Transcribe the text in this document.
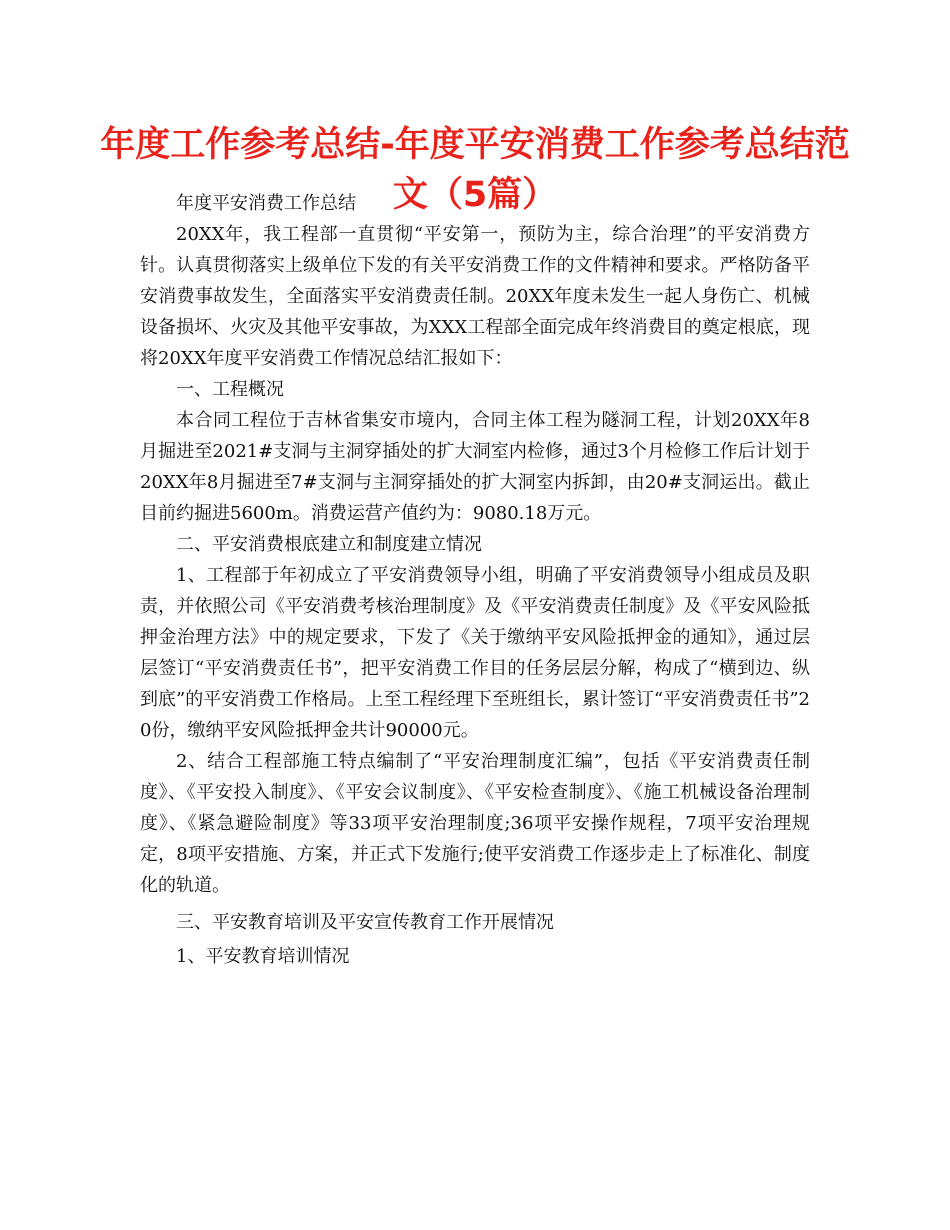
年度工作参考总结-年度平安消费工作参考总结范文（5篇）

年度平安消费工作总结

20XX年，我工程部一直贯彻“平安第一，预防为主，综合治理”的平安消费方针。认真贯彻落实上级单位下发的有关平安消费工作的文件精神和要求。严格防备平安消费事故发生，全面落实平安消费责任制。20XX年度未发生一起人身伤亡、机械设备损坏、火灾及其他平安事故，为XXX工程部全面完成年终消费目的奠定根底，现将20XX年度平安消费工作情况总结汇报如下：

一、工程概况

本合同工程位于吉林省集安市境内，合同主体工程为隧洞工程，计划20XX年8月掘进至2021#支洞与主洞穿插处的扩大洞室内检修，通过3个月检修工作后计划于20XX年8月掘进至7#支洞与主洞穿插处的扩大洞室内拆卸，由20#支洞运出。截止目前约掘进5600m。消费运营产值约为：9080.18万元。

二、平安消费根底建立和制度建立情况

1、工程部于年初成立了平安消费领导小组，明确了平安消费领导小组成员及职责，并依照公司《平安消费考核治理制度》及《平安消费责任制度》及《平安风险抵押金治理方法》中的规定要求，下发了《关于缴纳平安风险抵押金的通知》，通过层层签订“平安消费责任书”，把平安消费工作目的任务层层分解，构成了“横到边、纵到底”的平安消费工作格局。上至工程经理下至班组长，累计签订“平安消费责任书”20份，缴纳平安风险抵押金共计90000元。

2、结合工程部施工特点编制了“平安治理制度汇编”，包括《平安消费责任制度》、《平安投入制度》、《平安会议制度》、《平安检查制度》、《施工机械设备治理制度》、《紧急避险制度》等33项平安治理制度;36项平安操作规程，7项平安治理规定，8项平安措施、方案，并正式下发施行;使平安消费工作逐步走上了标准化、制度化的轨道。

三、平安教育培训及平安宣传教育工作开展情况

1、平安教育培训情况
